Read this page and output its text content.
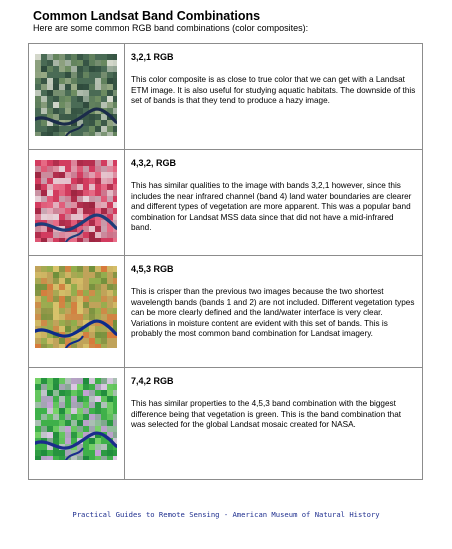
Common Landsat Band Combinations
Here are some common RGB band combinations (color composites):

3,2,1 RGB

This color composite is as close to true color that we can get with a Landsat ETM image. It is also useful for studying aquatic habitats. The downside of this set of bands is that they tend to produce a hazy image.

4,3,2, RGB

This has similar qualities to the image with bands 3,2,1 however, since this includes the near infrared channel (band 4) land water boundaries are clearer and different types of vegetation are more apparent. This was a popular band combination for Landsat MSS data since that did not have a mid-infrared band.

4,5,3 RGB

This is crisper than the previous two images because the two shortest wavelength bands (bands 1 and 2) are not included. Different vegetation types can be more clearly defined and the land/water interface is very clear. Variations in moisture content are evident with this set of bands. This is probably the most common band combination for Landsat imagery.

7,4,2 RGB

This has similar properties to the 4,5,3 band combination with the biggest difference being that vegetation is green. This is the band combination that was selected for the global Landsat mosaic created for NASA.

Practical Guides to Remote Sensing - American Museum of Natural History
